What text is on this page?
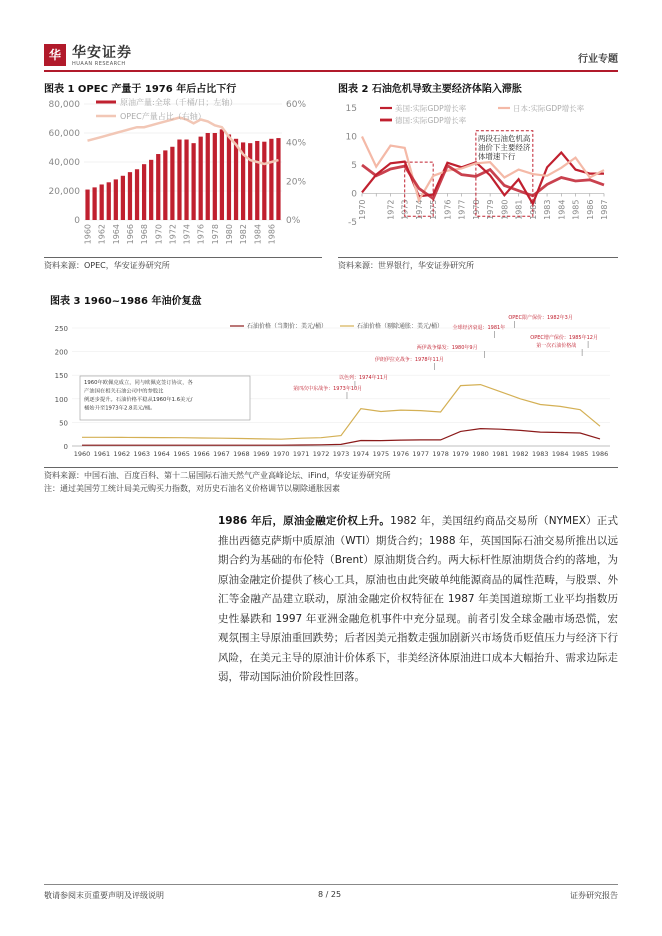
华 华安证券
HUAAN RESEARCH	行业专题
图表 1 OPEC 产量于 1976 年后占比下行
80,000
60,000
40,000
20,000
0
60%
40%
20%
0%
1960 1962 1964 1966 1968 1970 1972 1974 1976 1978 1980 1982 1984 1986
原油产量:全球（千桶/日；左轴）
OPEC产量占比（右轴）
资料来源：OPEC，华安证券研究所
图表 2 石油危机导致主要经济体陷入滞胀
15
10
5
0
-5
1970 1972 1973 1974 1975 1976 1977 1978 1979 1980 1981 1982 1983 1984 1985 1986 1987
两段石油危机高油价下主要经济体增速下行
美国:实际GDP增长率	日本:实际GDP增长率
德国:实际GDP增长率
资料来源：世界银行，华安证券研究所
图表 3 1960~1986 年油价复盘
250
200
150
100
50
0
1960 1961 1962 1963 1964 1965 1966 1967 1968 1969 1970 1971 1972 1973 1974 1975 1976 1977 1978 1979 1980 1981 1982 1983 1984 1985 1986
石油价格（当期价：美元/桶）	石油价格（剔除通胀：美元/桶）
1960年欧佩克成立，同与欧佩克签订协议，各产油国在相关石油公司中的参股比例逐步提升。石油价格平稳从1960年1.6美元/桶始升至1973年2.8美元/桶。
第四次中东战争：1973年10月
以色列：1974年11月
伊朗伊拉克战争：1978年11月
两伊战争爆发：1980年9月
全球经济衰退：1981年
OPEC限产保价：1982年3月
OPEC增产保份：1985年12月
第一次石油价格战
资料来源：中国石油、百度百科、第十二届国际石油天然气产业高峰论坛、iFind，华安证券研究所
注：通过美国劳工统计局美元购买力指数，对历史石油名义价格调节以剔除通胀因素
1986 年后，原油金融定价权上升。1982 年，美国纽约商品交易所（NYMEX）正式推出西德克萨斯中质原油（WTI）期货合约；1988 年，英国国际石油交易所推出以远期合约为基础的布伦特（Brent）原油期货合约。两大标杆性原油期货合约的落地，为原油金融定价提供了核心工具，原油也由此突破单纯能源商品的属性范畴，与股票、外汇等金融产品建立联动，原油金融定价权特征在 1987 年美国道琼斯工业平均指数历史性暴跌和 1997 年亚洲金融危机事件中充分显现。前者引发全球金融市场恐慌，宏观氛围主导原油重回跌势；后者因美元指数走强加剧新兴市场货币贬值压力与经济下行风险，在美元主导的原油计价体系下，非美经济体原油进口成本大幅抬升、需求边际走弱，带动国际油价阶段性回落。
敬请参阅末页重要声明及评级说明	8 / 25	证券研究报告
